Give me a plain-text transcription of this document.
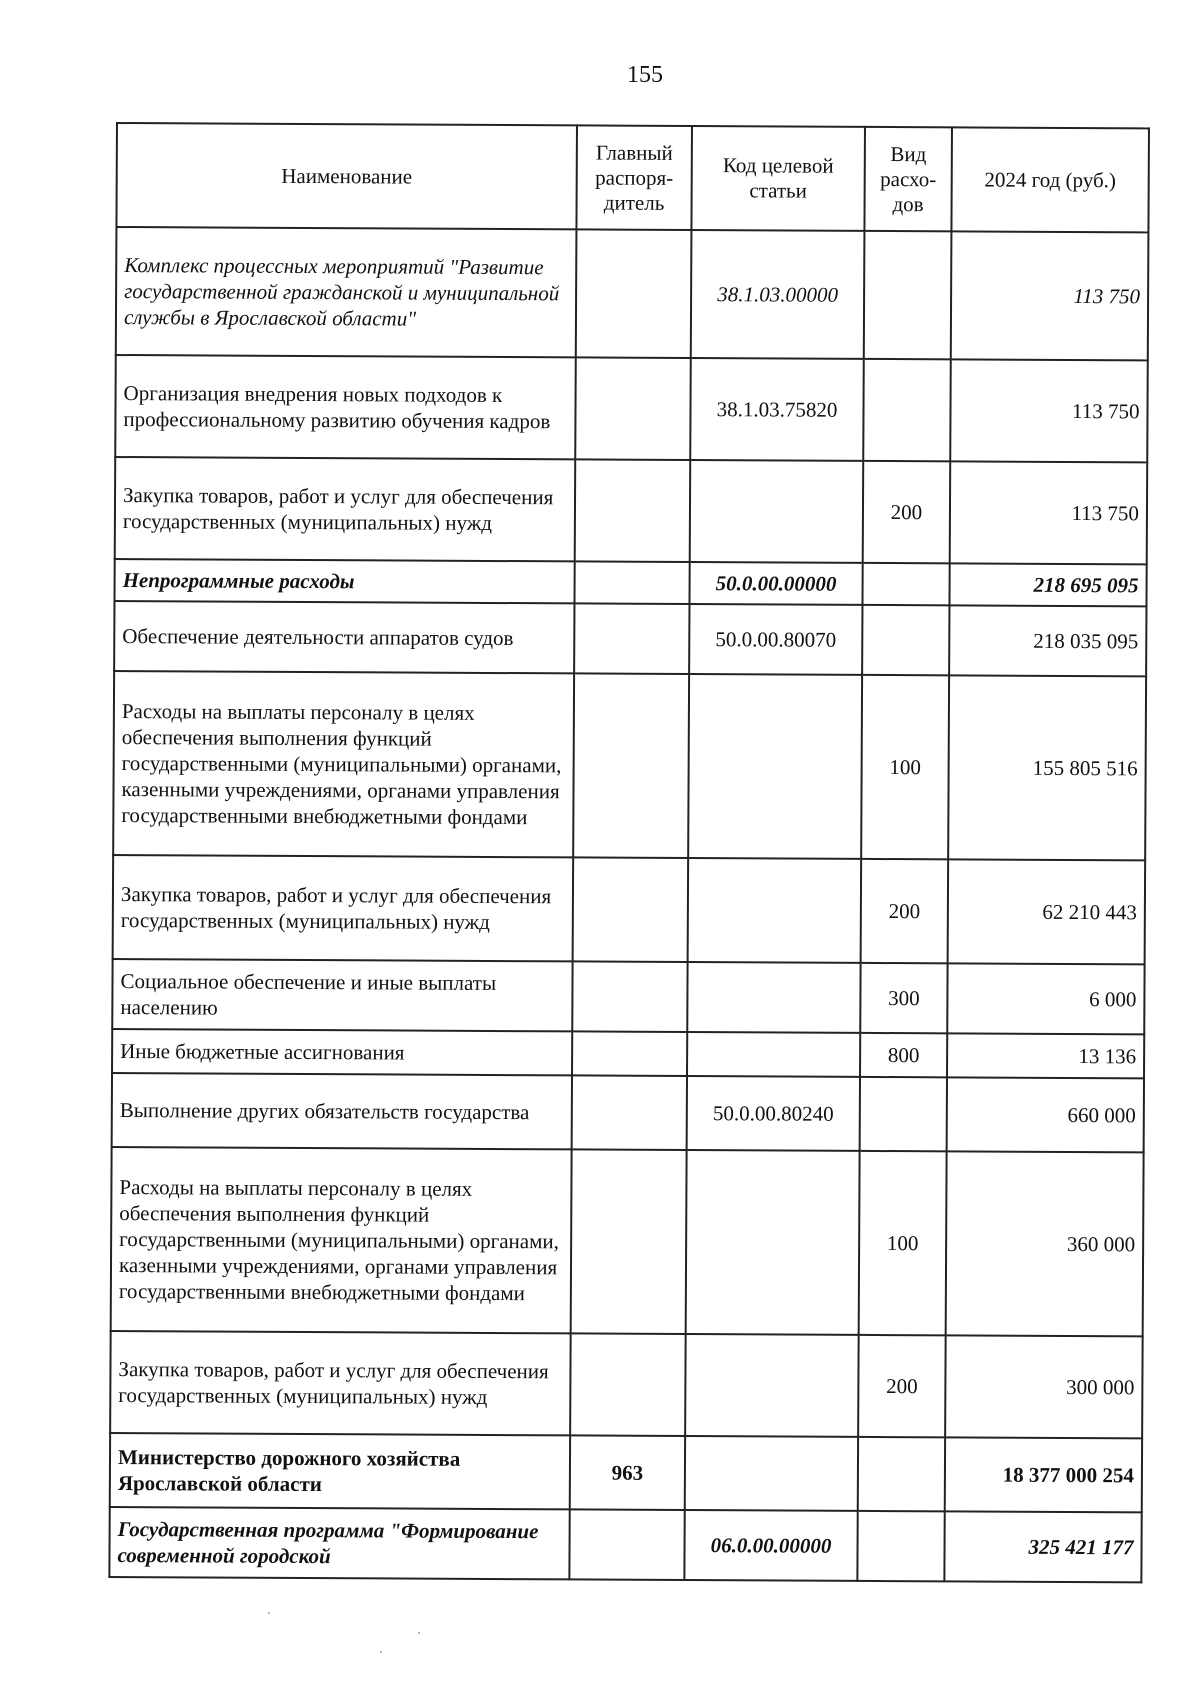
155
Наименование	Главный распоря-дитель	Код целевой статьи	Вид расхо-дов	2024 год (руб.)
Комплекс процессных мероприятий "Развитие государственной гражданской и муниципальной службы в Ярославской области"		38.1.03.00000		113 750
Организация внедрения новых подходов к профессиональному развитию обучения кадров		38.1.03.75820		113 750
Закупка товаров, работ и услуг для обеспечения государственных (муниципальных) нужд			200	113 750
Непрограммные расходы		50.0.00.00000		218 695 095
Обеспечение деятельности аппаратов судов		50.0.00.80070		218 035 095
Расходы на выплаты персоналу в целях обеспечения выполнения функций государственными (муниципальными) органами, казенными учреждениями, органами управления государственными внебюджетными фондами			100	155 805 516
Закупка товаров, работ и услуг для обеспечения государственных (муниципальных) нужд			200	62 210 443
Социальное обеспечение и иные выплаты населению			300	6 000
Иные бюджетные ассигнования			800	13 136
Выполнение других обязательств государства		50.0.00.80240		660 000
Расходы на выплаты персоналу в целях обеспечения выполнения функций государственными (муниципальными) органами, казенными учреждениями, органами управления государственными внебюджетными фондами			100	360 000
Закупка товаров, работ и услуг для обеспечения государственных (муниципальных) нужд			200	300 000
Министерство дорожного хозяйства Ярославской области	963			18 377 000 254
Государственная программа "Формирование современной городской		06.0.00.00000		325 421 177
